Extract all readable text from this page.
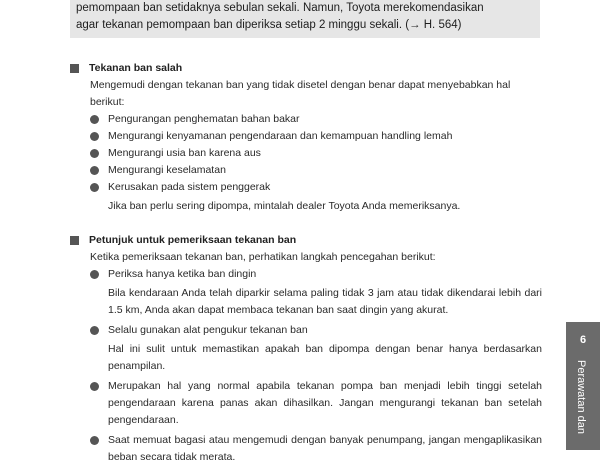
pemompaan ban setidaknya sebulan sekali. Namun, Toyota merekomendasikan

agar tekanan pemompaan ban diperiksa setiap 2 minggu sekali. (→ H. 564)

Tekanan ban salah

Mengemudi dengan tekanan ban yang tidak disetel dengan benar dapat menyebabkan hal berikut:

Pengurangan penghematan bahan bakar
Mengurangi kenyamanan pengendaraan dan kemampuan handling lemah
Mengurangi usia ban karena aus
Mengurangi keselamatan
Kerusakan pada sistem penggerak

Jika ban perlu sering dipompa, mintalah dealer Toyota Anda memeriksanya.

Petunjuk untuk pemeriksaan tekanan ban

Ketika pemeriksaan tekanan ban, perhatikan langkah pencegahan berikut:

Periksa hanya ketika ban dingin

Bila kendaraan Anda telah diparkir selama paling tidak 3 jam atau tidak dikendarai lebih dari 1.5 km, Anda akan dapat membaca tekanan ban saat dingin yang akurat.

Selalu gunakan alat pengukur tekanan ban

Hal ini sulit untuk memastikan apakah ban dipompa dengan benar hanya berdasarkan penampilan.

Merupakan hal yang normal apabila tekanan pompa ban menjadi lebih tinggi setelah pengendaraan karena panas akan dihasilkan. Jangan mengurangi tekanan ban setelah pengendaraan.
Saat memuat bagasi atau mengemudi dengan banyak penumpang, jangan mengaplikasikan beban secara tidak merata.
6
Perawatan dan
